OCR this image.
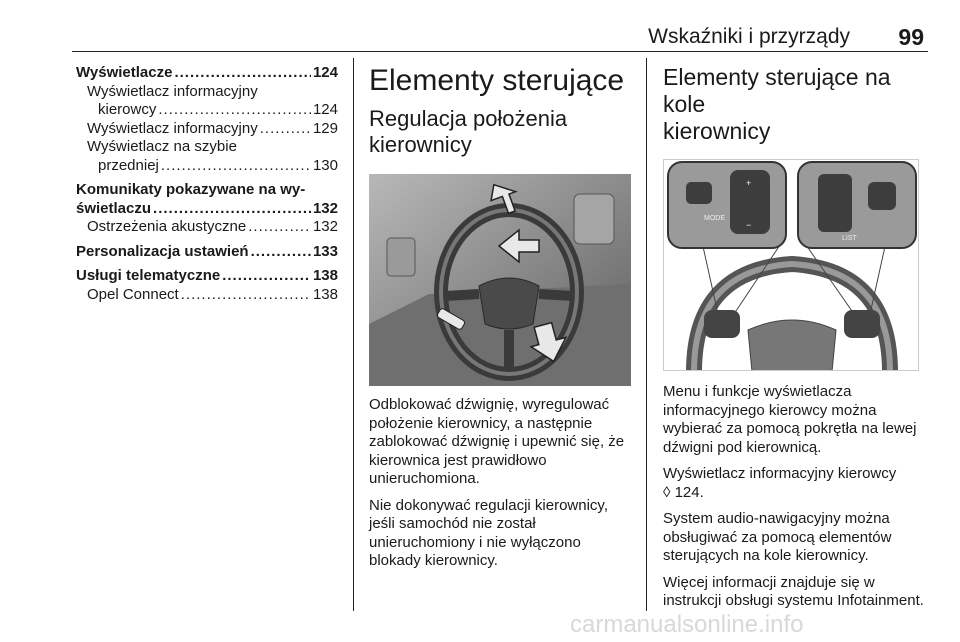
Wskaźniki i przyrządy 99
Wyświetlacze .....	124
Wyświetlacz informacyjny
kierowcy .....	124
Wyświetlacz informacyjny .....	129
Wyświetlacz na szybie
przedniej .....	130
Komunikaty pokazywane na wy-
świetlaczu .....	132
Ostrzeżenia akustyczne .....	132
Personalizacja ustawień .....	133
Usługi telematyczne .....	138
Opel Connect .....	138
Elementy sterujące
Regulacja położenia
kierownicy
Odblokować dźwignię, wyregulować położenie kierownicy, a następnie zablokować dźwignię i upewnić się, że kierownica jest prawidłowo unieruchomiona.
Nie dokonywać regulacji kierownicy, jeśli samochód nie został unieruchomiony i nie wyłączono blokady kierownicy.
Elementy sterujące na kole
kierownicy
MODE
LIST
+
−
Menu i funkcje wyświetlacza informacyjnego kierowcy można wybierać za pomocą pokrętła na lewej dźwigni pod kierownicą.
Wyświetlacz informacyjny kierowcy
◊ 124.
System audio-nawigacyjny można obsługiwać za pomocą elementów sterujących na kole kierownicy.
Więcej informacji znajduje się w instrukcji obsługi systemu Infotainment.
carmanualsonline.info
